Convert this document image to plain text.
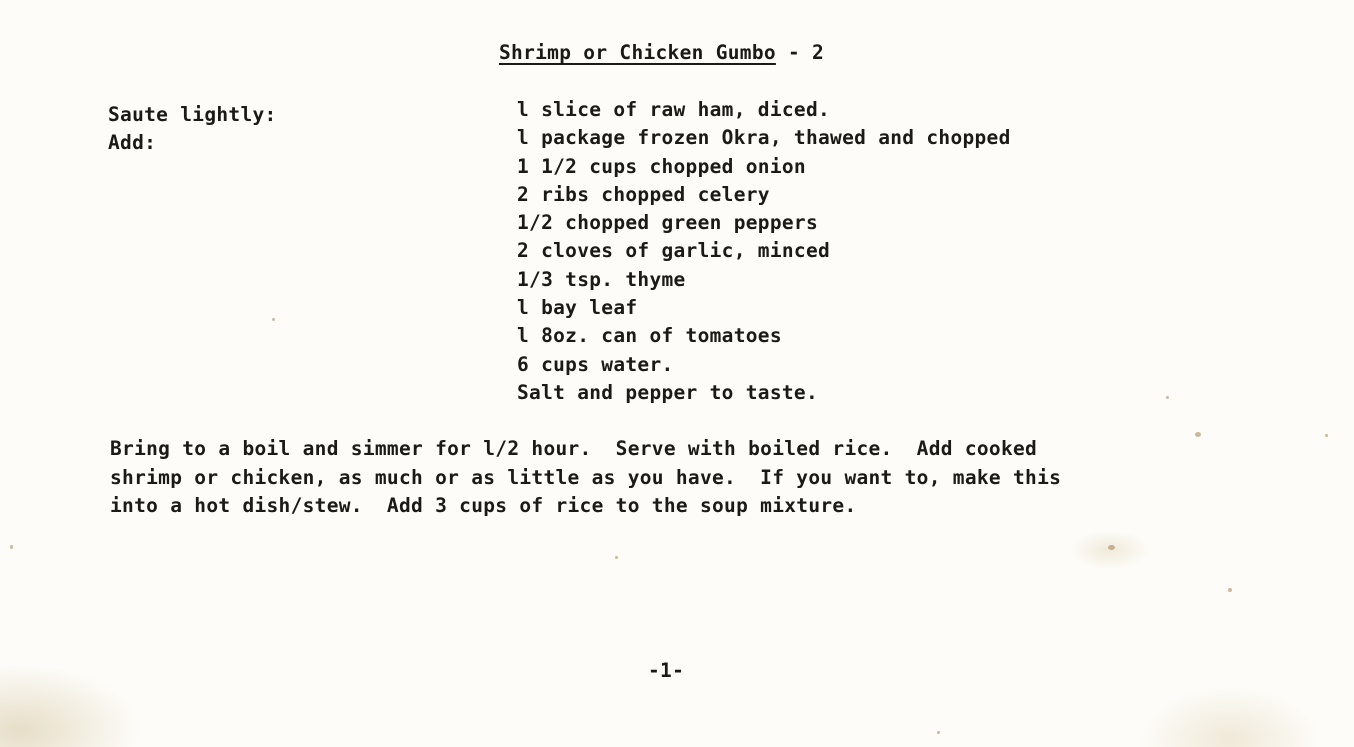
Shrimp or Chicken Gumbo - 2
Saute lightly:
Add:
l slice of raw ham, diced.
l package frozen Okra, thawed and chopped
1 1/2 cups chopped onion
2 ribs chopped celery
1/2 chopped green peppers
2 cloves of garlic, minced
1/3 tsp. thyme
l bay leaf
l 8oz. can of tomatoes
6 cups water.
Salt and pepper to taste.
Bring to a boil and simmer for l/2 hour.  Serve with boiled rice.  Add cooked
shrimp or chicken, as much or as little as you have.  If you want to, make this
into a hot dish/stew.  Add 3 cups of rice to the soup mixture.
-1-
